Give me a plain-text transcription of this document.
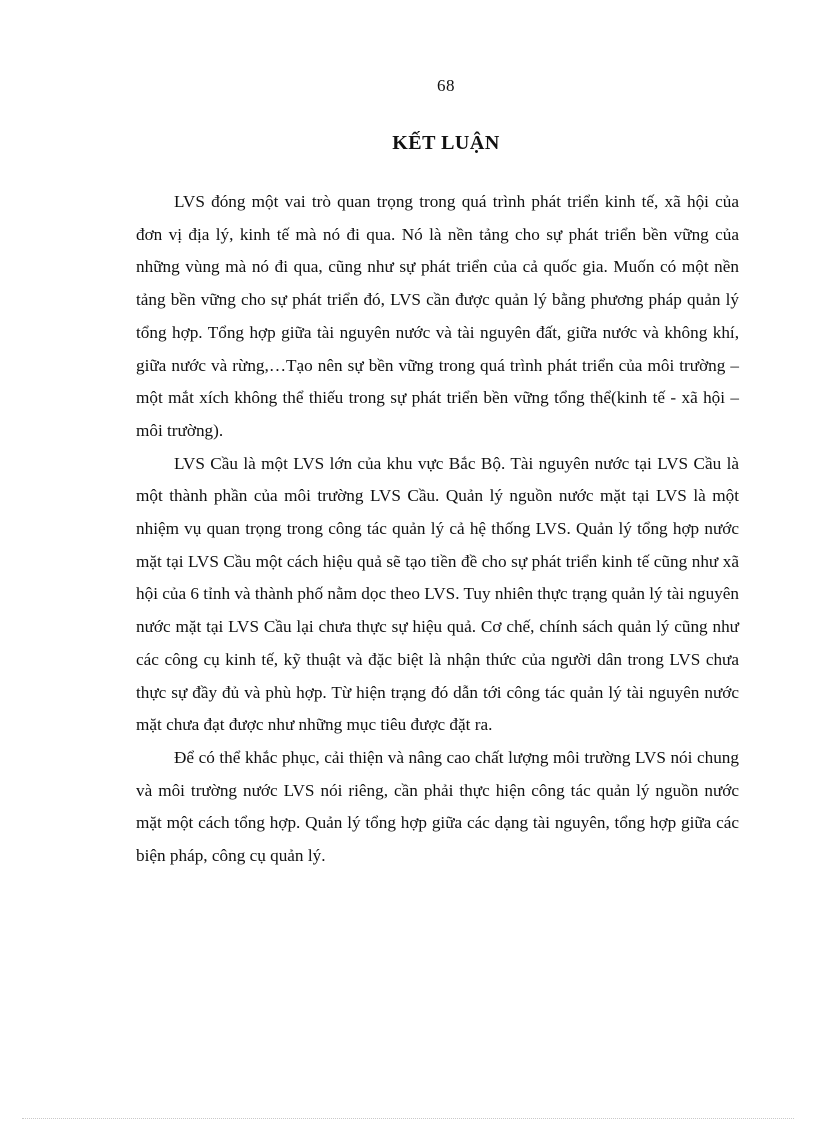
68
KẾT LUẬN

LVS đóng một vai trò quan trọng trong quá trình phát triển kinh tế, xã hội của đơn vị địa lý, kinh tế mà nó đi qua. Nó là nền tảng cho sự phát triển bền vững của những vùng mà nó đi qua, cũng như sự phát triển của cả quốc gia. Muốn có một nền tảng bền vững cho sự phát triển đó, LVS cần được quản lý bằng phương pháp quản lý tổng hợp. Tổng hợp giữa tài nguyên nước và tài nguyên đất, giữa nước và không khí, giữa nước và rừng,…Tạo nên sự bền vững trong quá trình phát triển của môi trường – một mắt xích không thể thiếu trong sự phát triển bền vững tổng thể(kinh tế - xã hội – môi trường).

LVS Cầu là một LVS lớn của khu vực Bắc Bộ. Tài nguyên nước tại LVS Cầu là một thành phần của môi trường LVS Cầu. Quản lý nguồn nước mặt tại LVS là một nhiệm vụ quan trọng trong công tác quản lý cả hệ thống LVS. Quản lý tổng hợp nước mặt tại LVS Cầu một cách hiệu quả sẽ tạo tiền đề cho sự phát triển kinh tế cũng như xã hội của 6 tỉnh và thành phố nằm dọc theo LVS. Tuy nhiên thực trạng quản lý tài nguyên nước mặt tại LVS Cầu lại chưa thực sự hiệu quả. Cơ chế, chính sách quản lý cũng như các công cụ kinh tế, kỹ thuật và đặc biệt là nhận thức của người dân trong LVS chưa thực sự đầy đủ và phù hợp. Từ hiện trạng đó dẫn tới công tác quản lý tài nguyên nước mặt chưa đạt được như những mục tiêu được đặt ra.

Để có thể khắc phục, cải thiện và nâng cao chất lượng môi trường LVS nói chung và môi trường nước LVS nói riêng, cần phải thực hiện công tác quản lý nguồn nước mặt một cách tổng hợp. Quản lý tổng hợp giữa các dạng tài nguyên, tổng hợp giữa các biện pháp, công cụ quản lý.
